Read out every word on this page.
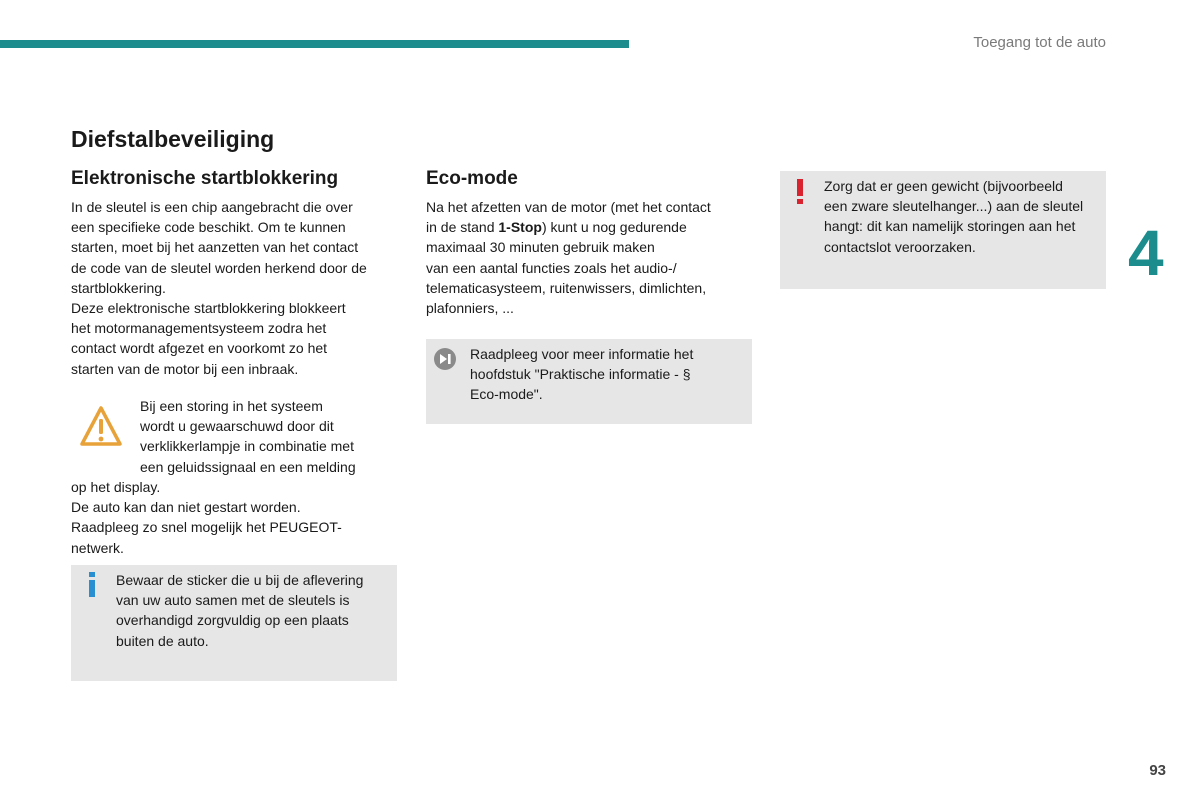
Toegang tot de auto
4
93
Diefstalbeveiliging
Elektronische startblokkering
In de sleutel is een chip aangebracht die over
een specifieke code beschikt. Om te kunnen
starten, moet bij het aanzetten van het contact
de code van de sleutel worden herkend door de
startblokkering.
Deze elektronische startblokkering blokkeert
het motormanagementsysteem zodra het
contact wordt afgezet en voorkomt zo het
starten van de motor bij een inbraak.
Bij een storing in het systeem
wordt u gewaarschuwd door dit
verklikkerlampje in combinatie met
een geluidssignaal en een melding
op het display.
De auto kan dan niet gestart worden.
Raadpleeg zo snel mogelijk het PEUGEOT-
netwerk.
Bewaar de sticker die u bij de aflevering
van uw auto samen met de sleutels is
overhandigd zorgvuldig op een plaats
buiten de auto.
Eco-mode
Na het afzetten van de motor (met het contact
in de stand 1-Stop) kunt u nog gedurende
maximaal 30 minuten gebruik maken
van een aantal functies zoals het audio-/
telematicasysteem, ruitenwissers, dimlichten,
plafonniers, ...
Raadpleeg voor meer informatie het
hoofdstuk "Praktische informatie - §
Eco-mode".
Zorg dat er geen gewicht (bijvoorbeeld
een zware sleutelhanger...) aan de sleutel
hangt: dit kan namelijk storingen aan het
contactslot veroorzaken.
